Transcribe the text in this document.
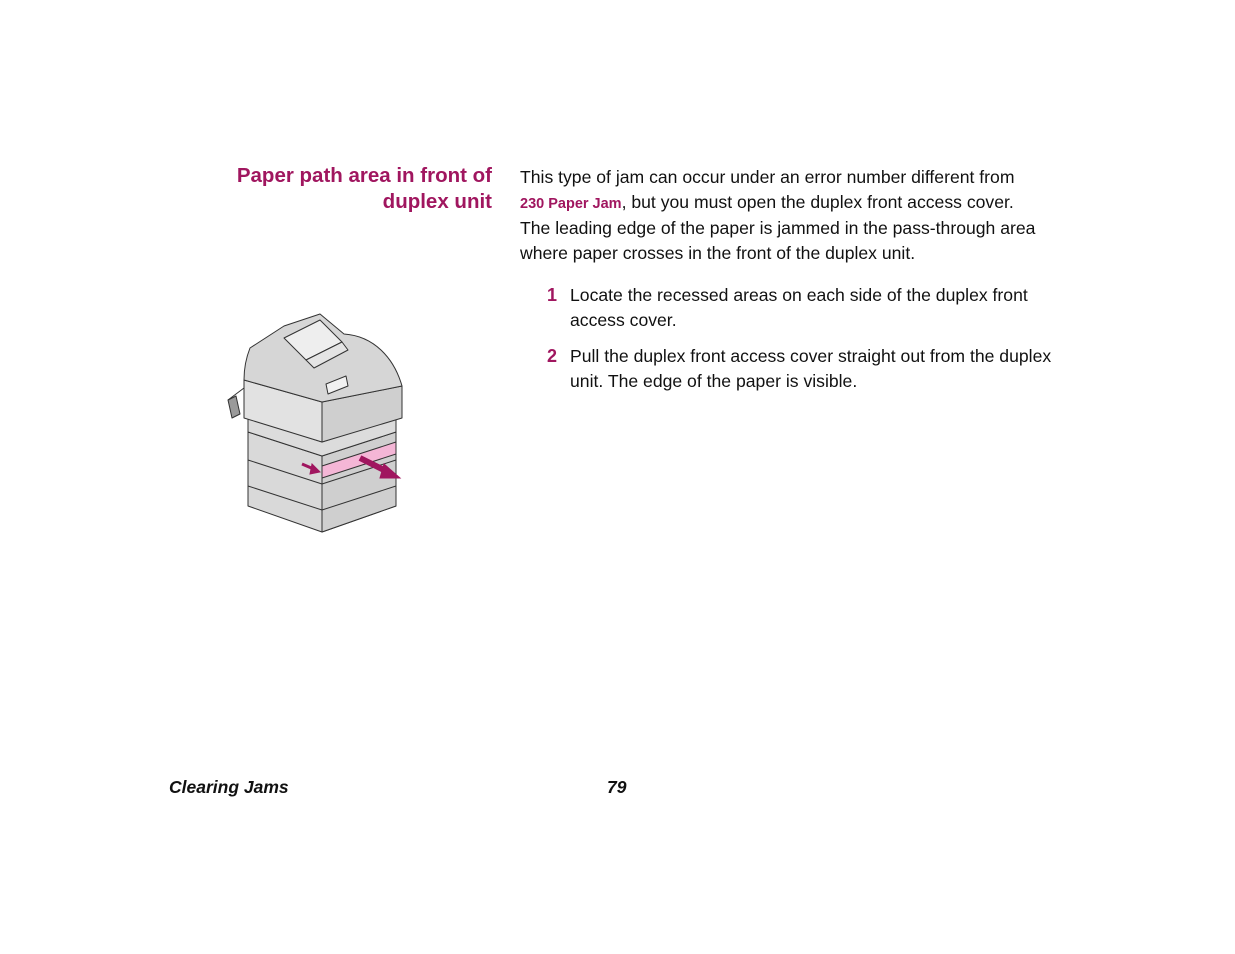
Paper path area in front of
duplex unit
This type of jam can occur under an error number different from
230 Paper Jam, but you must open the duplex front access cover.
The leading edge of the paper is jammed in the pass-through area
where paper crosses in the front of the duplex unit.
1 Locate the recessed areas on each side of the duplex front
access cover.
2 Pull the duplex front access cover straight out from the duplex
unit. The edge of the paper is visible.
Clearing Jams	79
